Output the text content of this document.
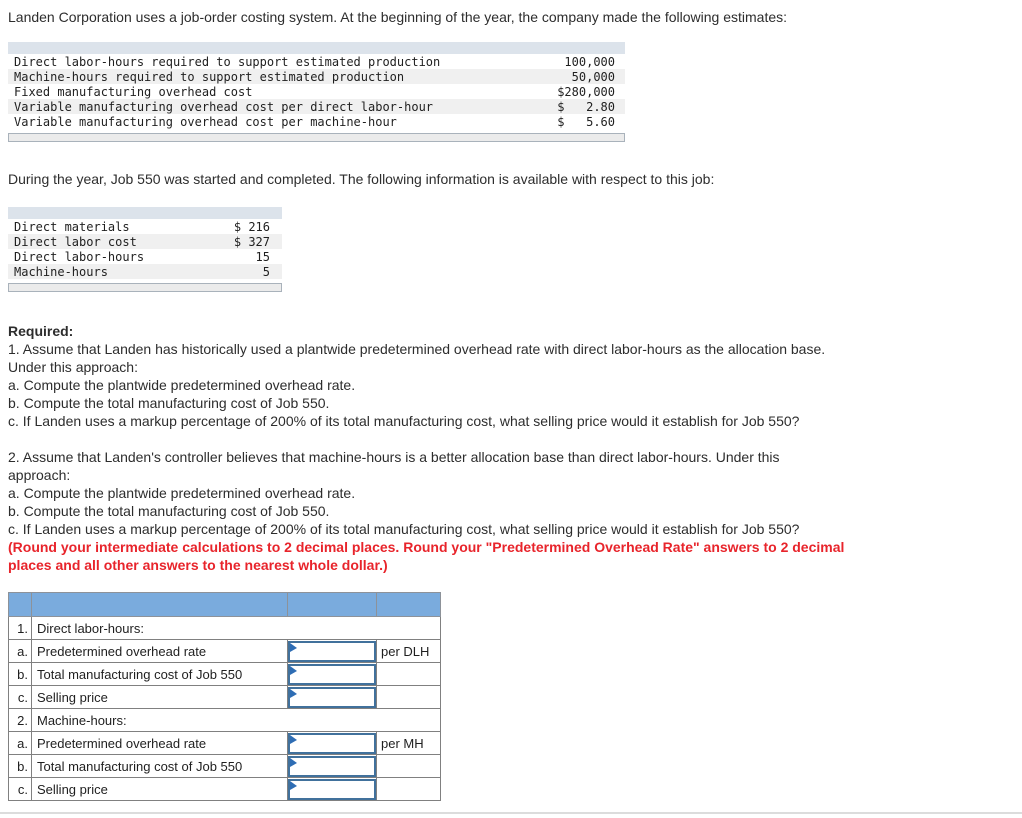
Landen Corporation uses a job-order costing system. At the beginning of the year, the company made the following estimates:
Direct labor-hours required to support estimated production	100,000
Machine-hours required to support estimated production	50,000
Fixed manufacturing overhead cost	$280,000
Variable manufacturing overhead cost per direct labor-hour	$   2.80
Variable manufacturing overhead cost per machine-hour	$   5.60
During the year, Job 550 was started and completed. The following information is available with respect to this job:
Direct materials	$ 216
Direct labor cost	$ 327
Direct labor-hours	15
Machine-hours	5
Required:
1. Assume that Landen has historically used a plantwide predetermined overhead rate with direct labor-hours as the allocation base.
Under this approach:
a. Compute the plantwide predetermined overhead rate.
b. Compute the total manufacturing cost of Job 550.
c. If Landen uses a markup percentage of 200% of its total manufacturing cost, what selling price would it establish for Job 550?
2. Assume that Landen's controller believes that machine-hours is a better allocation base than direct labor-hours. Under this
approach:
a. Compute the plantwide predetermined overhead rate.
b. Compute the total manufacturing cost of Job 550.
c. If Landen uses a markup percentage of 200% of its total manufacturing cost, what selling price would it establish for Job 550?
(Round your intermediate calculations to 2 decimal places. Round your "Predetermined Overhead Rate" answers to 2 decimal
places and all other answers to the nearest whole dollar.)

1.	Direct labor-hours:		
a.	Predetermined overhead rate		per DLH
b.	Total manufacturing cost of Job 550	

c.	Selling price	

2.	Machine-hours:		
a.	Predetermined overhead rate		per MH
b.	Total manufacturing cost of Job 550	

c.	Selling price	
